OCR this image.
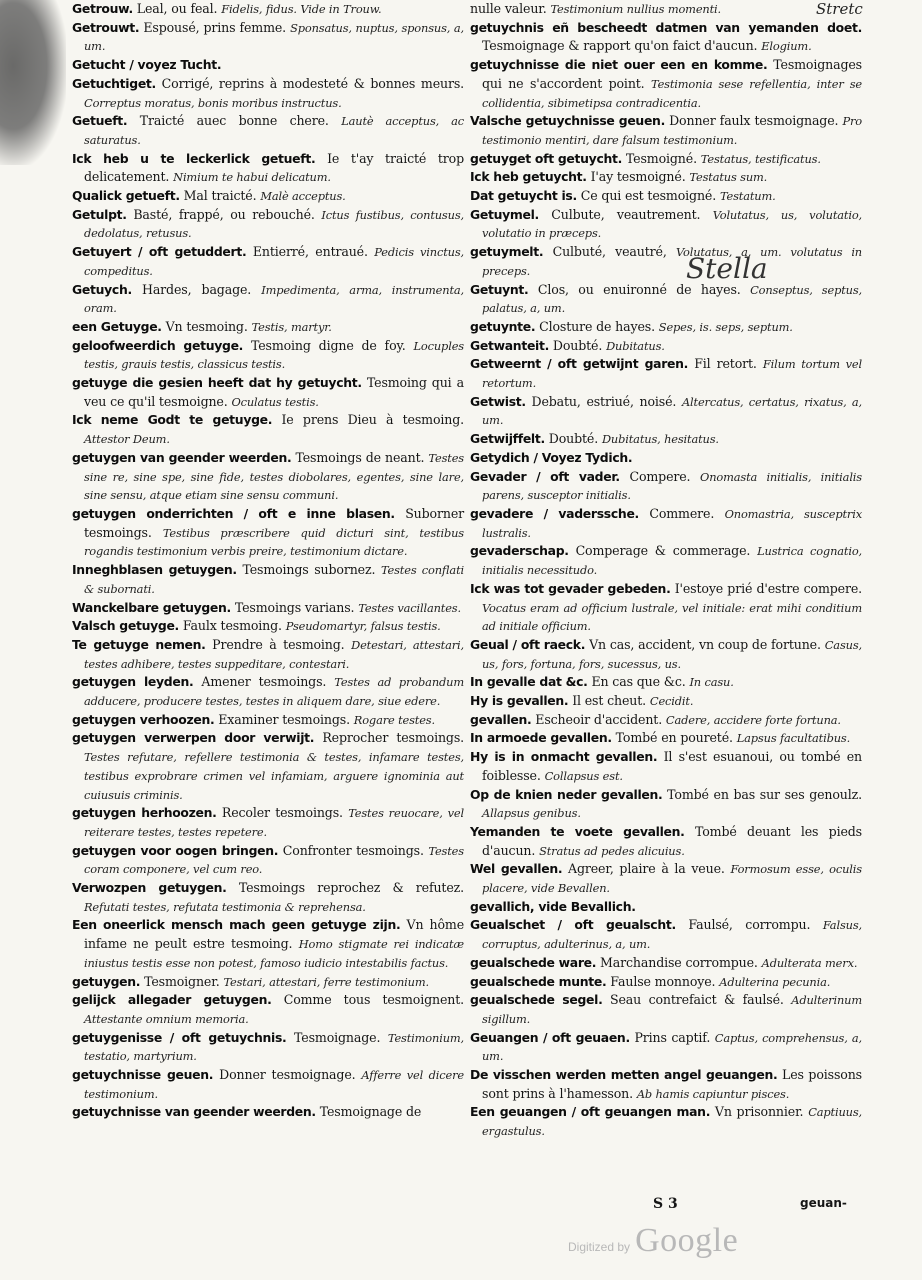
Stretc
Stella
Getrouw. Leal, ou feal. Fidelis, fidus. Vide in Trouw.
Getrouwt. Espousé, prins femme. Sponsatus, nuptus, sponsus, a, um.
Getucht / voyez Tucht.
Getuchtiget. Corrigé, reprins à modesteté & bonnes meurs. Correptus moratus, bonis moribus instructus.
Getueft. Traicté auec bonne chere. Lautè acceptus, ac saturatus.
Ick heb u te leckerlick getueft. Ie t'ay traicté trop delicatement. Nimium te habui delicatum.
Qualick getueft. Mal traicté. Malè acceptus.
Getulpt. Basté, frappé, ou rebouché. Ictus fustibus, contusus, dedolatus, retusus.
Getuyert / oft getuddert. Entierré, entraué. Pedicis vinctus, compeditus.
Getuych. Hardes, bagage. Impedimenta, arma, instrumenta, oram.
een Getuyge. Vn tesmoing. Testis, martyr.
geloofweerdich getuyge. Tesmoing digne de foy. Locuples testis, grauis testis, classicus testis.
getuyge die gesien heeft dat hy getuycht. Tesmoing qui a veu ce qu'il tesmoigne. Oculatus testis.
Ick neme Godt te getuyge. Ie prens Dieu à tesmoing. Attestor Deum.
getuygen van geender weerden. Tesmoings de neant. Testes sine re, sine spe, sine fide, testes diobolares, egentes, sine lare, sine sensu, atque etiam sine sensu communi.
getuygen onderrichten / oft e inne blasen. Suborner tesmoings. Testibus præscribere quid dicturi sint, testibus rogandis testimonium verbis preire, testimonium dictare.
Inneghblasen getuygen. Tesmoings subornez. Testes conflati & subornati.
Wanckelbare getuygen. Tesmoings varians. Testes vacillantes.
Valsch getuyge. Faulx tesmoing. Pseudomartyr, falsus testis.
Te getuyge nemen. Prendre à tesmoing. Detestari, attestari, testes adhibere, testes suppeditare, contestari.
getuygen leyden. Amener tesmoings. Testes ad probandum adducere, producere testes, testes in aliquem dare, siue edere.
getuygen verhoozen. Examiner tesmoings. Rogare testes.
getuygen verwerpen door verwijt. Reprocher tesmoings. Testes refutare, refellere testimonia & testes, infamare testes, testibus exprobrare crimen vel infamiam, arguere ignominia aut cuiusuis criminis.
getuygen herhoozen. Recoler tesmoings. Testes reuocare, vel reiterare testes, testes repetere.
getuygen voor oogen bringen. Confronter tesmoings. Testes coram componere, vel cum reo.
Verwozpen getuygen. Tesmoings reprochez & refutez. Refutati testes, refutata testimonia & reprehensa.
Een oneerlick mensch mach geen getuyge zijn. Vn hôme infame ne peult estre tesmoing. Homo stigmate rei indicatæ iniustus testis esse non potest, famoso iudicio intestabilis factus.
getuygen. Tesmoigner. Testari, attestari, ferre testimonium.
gelijck allegader getuygen. Comme tous tesmoignent. Attestante omnium memoria.
getuygenisse / oft getuychnis. Tesmoignage. Testimonium, testatio, martyrium.
getuychnisse geuen. Donner tesmoignage. Afferre vel dicere testimonium.
getuychnisse van geender weerden. Tesmoignage de
nulle valeur. Testimonium nullius momenti.
getuychnis eñ bescheedt datmen van yemanden doet. Tesmoignage & rapport qu'on faict d'aucun. Elogium.
getuychnisse die niet ouer een en komme. Tesmoignages qui ne s'accordent point. Testimonia sese refellentia, inter se collidentia, sibimetipsa contradicentia.
Valsche getuychnisse geuen. Donner faulx tesmoignage. Pro testimonio mentiri, dare falsum testimonium.
getuyget oft getuycht. Tesmoigné. Testatus, testificatus.
Ick heb getuycht. I'ay tesmoigné. Testatus sum.
Dat getuycht is. Ce qui est tesmoigné. Testatum.
Getuymel. Culbute, veautrement. Volutatus, us, volutatio, volutatio in præceps.
getuymelt. Culbuté, veautré, Volutatus, a, um. volutatus in preceps.
Getuynt. Clos, ou enuironné de hayes. Conseptus, septus, palatus, a, um.
getuynte. Closture de hayes. Sepes, is. seps, septum.
Getwanteit. Doubté. Dubitatus.
Getweernt / oft getwijnt garen. Fil retort. Filum tortum vel retortum.
Getwist. Debatu, estriué, noisé. Altercatus, certatus, rixatus, a, um.
Getwijffelt. Doubté. Dubitatus, hesitatus.
Getydich / Voyez Tydich.
Gevader / oft vader. Compere. Onomasta initialis, initialis parens, susceptor initialis.
gevadere / vaderssche. Commere. Onomastria, susceptrix lustralis.
gevaderschap. Comperage & commerage. Lustrica cognatio, initialis necessitudo.
Ick was tot gevader gebeden. I'estoye prié d'estre compere. Vocatus eram ad officium lustrale, vel initiale: erat mihi conditium ad initiale officium.
Geual / oft raeck. Vn cas, accident, vn coup de fortune. Casus, us, fors, fortuna, fors, sucessus, us.
In gevalle dat &c. En cas que &c. In casu.
Hy is gevallen. Il est cheut. Cecidit.
gevallen. Escheoir d'accident. Cadere, accidere forte fortuna.
In armoede gevallen. Tombé en poureté. Lapsus facultatibus.
Hy is in onmacht gevallen. Il s'est esuanoui, ou tombé en foiblesse. Collapsus est.
Op de knien neder gevallen. Tombé en bas sur ses genoulz. Allapsus genibus.
Yemanden te voete gevallen. Tombé deuant les pieds d'aucun. Stratus ad pedes alicuius.
Wel gevallen. Agreer, plaire à la veue. Formosum esse, oculis placere, vide Bevallen.
gevallich, vide Bevallich.
Geualschet / oft geualscht. Faulsé, corrompu. Falsus, corruptus, adulterinus, a, um.
geualschede ware. Marchandise corrompue. Adulterata merx.
geualschede munte. Faulse monnoye. Adulterina pecunia.
geualschede segel. Seau contrefaict & faulsé. Adulterinum sigillum.
Geuangen / oft geuaen. Prins captif. Captus, comprehensus, a, um.
De visschen werden metten angel geuangen. Les poissons sont prins à l'hamesson. Ab hamis capiuntur pisces.
Een geuangen / oft geuangen man. Vn prisonnier. Captiuus, ergastulus.
S 3	geuan-
Digitized by Google
